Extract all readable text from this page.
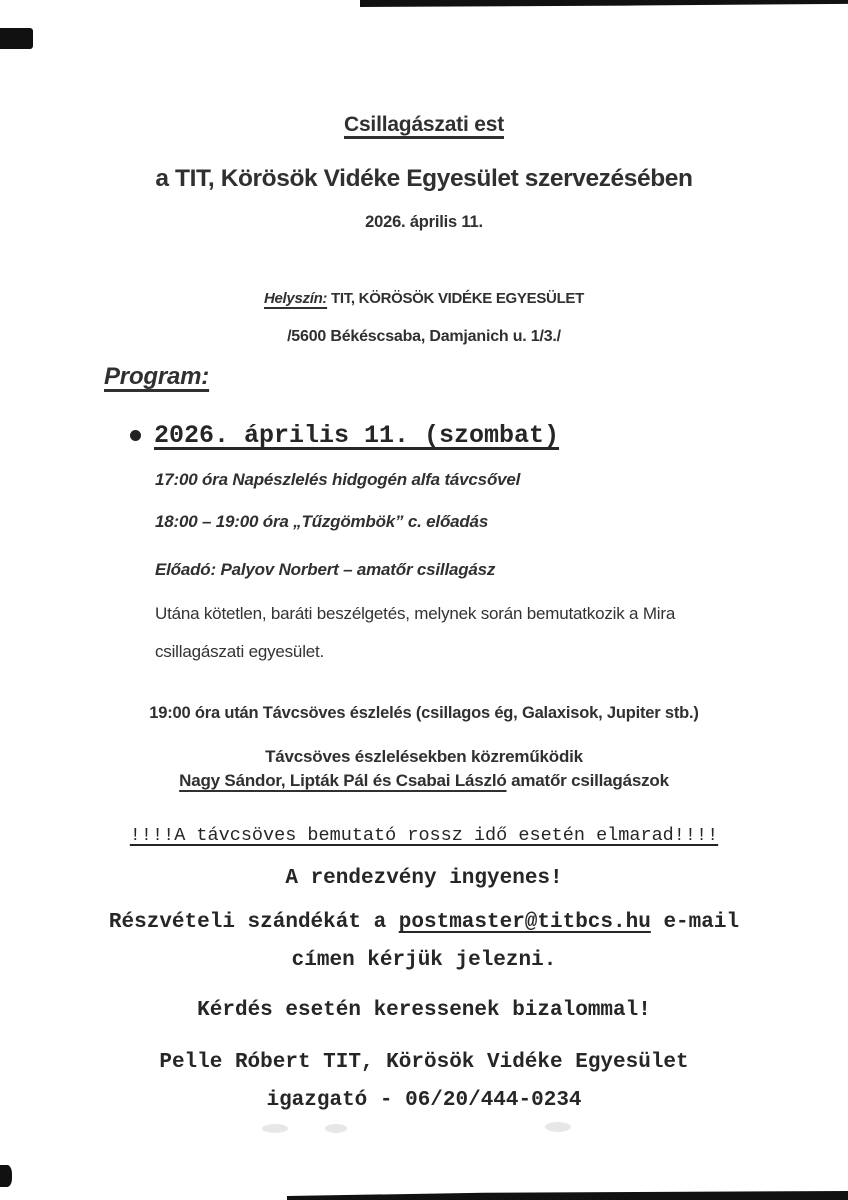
Csillagászati est
a TIT, Körösök Vidéke Egyesület szervezésében
2026. április 11.
Helyszín: TIT, KÖRÖSÖK VIDÉKE EGYESÜLET
/5600 Békéscsaba, Damjanich u. 1/3./
Program:
2026. április 11. (szombat)
17:00 óra Napészlelés hidgogén alfa távcsővel
18:00 – 19:00 óra „Tűzgömbök” c. előadás
Előadó: Palyov Norbert – amatőr csillagász
Utána kötetlen, baráti beszélgetés, melynek során bemutatkozik a Mira
csillagászati egyesület.
19:00 óra után Távcsöves észlelés (csillagos ég, Galaxisok, Jupiter stb.)
Távcsöves észlelésekben közreműködik
Nagy Sándor, Lipták Pál és Csabai László amatőr csillagászok
!!!!A távcsöves bemutató rossz idő esetén elmarad!!!!
A rendezvény ingyenes!
Részvételi szándékát a postmaster@titbcs.hu e-mail
címen kérjük jelezni.
Kérdés esetén keressenek bizalommal!
Pelle Róbert TIT, Körösök Vidéke Egyesület
igazgató - 06/20/444-0234
